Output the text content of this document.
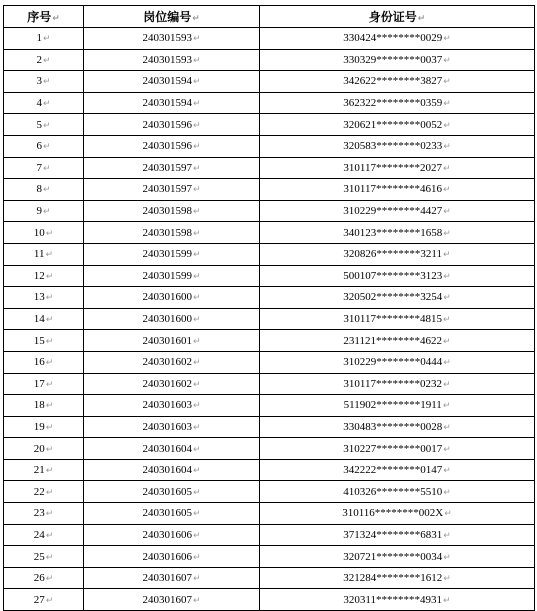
序号↵	岗位编号↵	身份证号↵
1↵	240301593↵	330424********0029↵
2↵	240301593↵	330329********0037↵
3↵	240301594↵	342622********3827↵
4↵	240301594↵	362322********0359↵
5↵	240301596↵	320621********0052↵
6↵	240301596↵	320583********0233↵
7↵	240301597↵	310117********2027↵
8↵	240301597↵	310117********4616↵
9↵	240301598↵	310229********4427↵
10↵	240301598↵	340123********1658↵
11↵	240301599↵	320826********3211↵
12↵	240301599↵	500107********3123↵
13↵	240301600↵	320502********3254↵
14↵	240301600↵	310117********4815↵
15↵	240301601↵	231121********4622↵
16↵	240301602↵	310229********0444↵
17↵	240301602↵	310117********0232↵
18↵	240301603↵	511902********1911↵
19↵	240301603↵	330483********0028↵
20↵	240301604↵	310227********0017↵
21↵	240301604↵	342222********0147↵
22↵	240301605↵	410326********5510↵
23↵	240301605↵	310116********002X↵
24↵	240301606↵	371324********6831↵
25↵	240301606↵	320721********0034↵
26↵	240301607↵	321284********1612↵
27↵	240301607↵	320311********4931↵
